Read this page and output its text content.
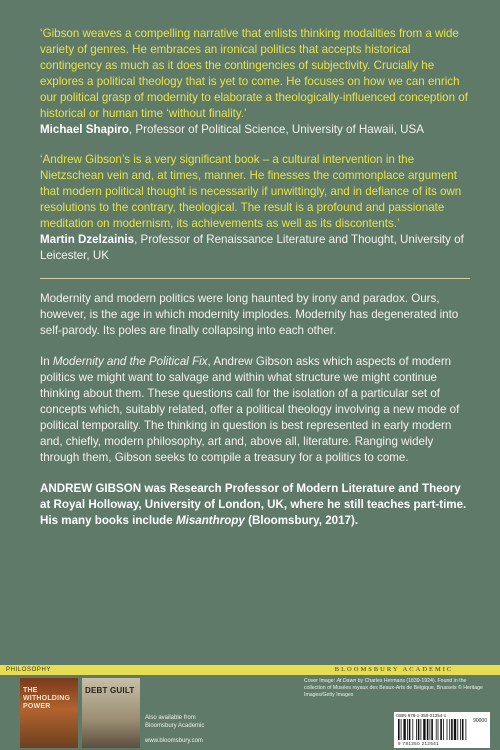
‘Gibson weaves a compelling narrative that enlists thinking modalities from a wide variety of genres. He embraces an ironical politics that accepts historical contingency as much as it does the contingencies of subjectivity. Crucially he explores a political theology that is yet to come. He focuses on how we can enrich our political grasp of modernity to elaborate a theologically-influenced conception of historical or human time ‘without finality.’

Michael Shapiro, Professor of Political Science, University of Hawaii, USA

‘Andrew Gibson’s is a very significant book – a cultural intervention in the Nietzschean vein and, at times, manner. He finesses the commonplace argument that modern political thought is necessarily if unwittingly, and in defiance of its own resolutions to the contrary, theological. The result is a profound and passionate meditation on modernism, its achievements as well as its discontents.’

Martin Dzelzainis, Professor of Renaissance Literature and Thought, University of Leicester, UK

Modernity and modern politics were long haunted by irony and paradox. Ours, however, is the age in which modernity implodes. Modernity has degenerated into self-parody. Its poles are finally collapsing into each other.

In Modernity and the Political Fix, Andrew Gibson asks which aspects of modern politics we might want to salvage and within what structure we might continue thinking about them. These questions call for the isolation of a particular set of concepts which, suitably related, offer a political theology involving a new mode of political temporality. The thinking in question is best represented in early modern and, chiefly, modern philosophy, art and, above all, literature. Ranging widely through them, Gibson seeks to compile a treasury for a politics to come.

ANDREW GIBSON was Research Professor of Modern Literature and Theory at Royal Holloway, University of London, UK, where he still teaches part-time. His many books include Misanthropy (Bloomsbury, 2017).

PHILOSOPHY	BLOOMSBURY ACADEMIC
THE WITHOLDING POWER
DEBT GUILT
Also available from Bloomsbury Academic
www.bloomsbury.com
Cover Image: At Dawn by Charles Hermans (1839-1924). Found in the collection of Musées royaux des Beaux-Arts de Belgique, Brussels © Heritage Images/Getty Images
ISBN 978-1-350-21254-1
90000
9 781350 212541
